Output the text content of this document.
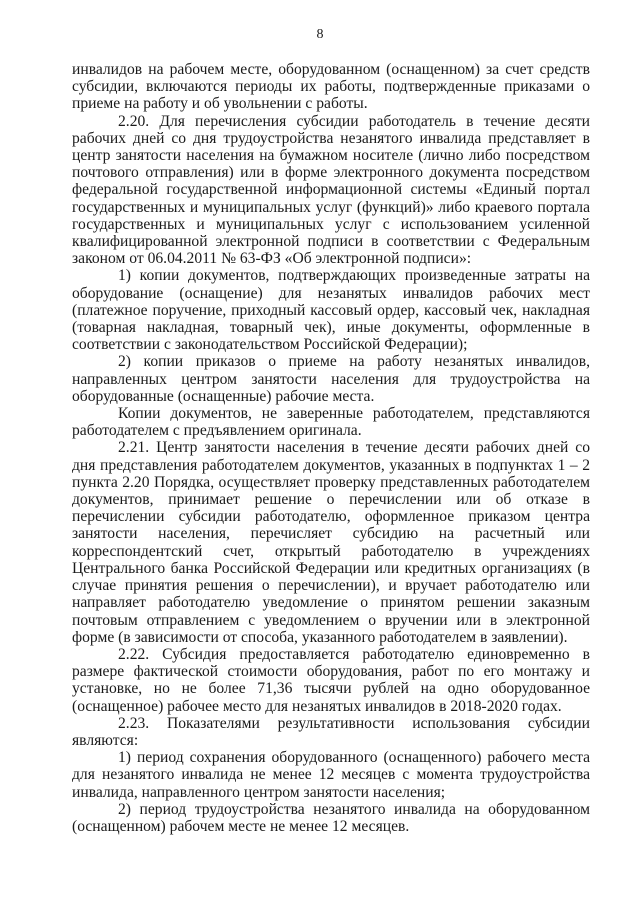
8

инвалидов на рабочем месте, оборудованном (оснащенном) за счет средств субсидии, включаются периоды их работы, подтвержденные приказами о приеме на работу и об увольнении с работы.

2.20. Для перечисления субсидии работодатель в течение десяти рабочих дней со дня трудоустройства незанятого инвалида представляет в центр занятости населения на бумажном носителе (лично либо посредством почтового отправления) или в форме электронного документа посредством федеральной государственной информационной системы «Единый портал государственных и муниципальных услуг (функций)» либо краевого портала государственных и муниципальных услуг с использованием усиленной квалифицированной электронной подписи в соответствии с Федеральным законом от 06.04.2011 № 63-ФЗ «Об электронной подписи»:

1) копии документов, подтверждающих произведенные затраты на оборудование (оснащение) для незанятых инвалидов рабочих мест (платежное поручение, приходный кассовый ордер, кассовый чек, накладная (товарная накладная, товарный чек), иные документы, оформленные в соответствии с законодательством Российской Федерации);

2) копии приказов о приеме на работу незанятых инвалидов, направленных центром занятости населения для трудоустройства на оборудованные (оснащенные) рабочие места.

Копии документов, не заверенные работодателем, представляются работодателем с предъявлением оригинала.

2.21. Центр занятости населения в течение десяти рабочих дней со дня представления работодателем документов, указанных в подпунктах 1 – 2 пункта 2.20 Порядка, осуществляет проверку представленных работодателем документов, принимает решение о перечислении или об отказе в перечислении субсидии работодателю, оформленное приказом центра занятости населения, перечисляет субсидию на расчетный или корреспондентский счет, открытый работодателю в учреждениях Центрального банка Российской Федерации или кредитных организациях (в случае принятия решения о перечислении), и вручает работодателю или направляет работодателю уведомление о принятом решении заказным почтовым отправлением с уведомлением о вручении или в электронной форме (в зависимости от способа, указанного работодателем в заявлении).

2.22. Субсидия предоставляется работодателю единовременно в размере фактической стоимости оборудования, работ по его монтажу и установке, но не более 71,36 тысячи рублей на одно оборудованное (оснащенное) рабочее место для незанятых инвалидов в 2018-2020 годах.

2.23. Показателями результативности использования субсидии являются:

1) период сохранения оборудованного (оснащенного) рабочего места для незанятого инвалида не менее 12 месяцев с момента трудоустройства инвалида, направленного центром занятости населения;

2) период трудоустройства незанятого инвалида на оборудованном (оснащенном) рабочем месте не менее 12 месяцев.
